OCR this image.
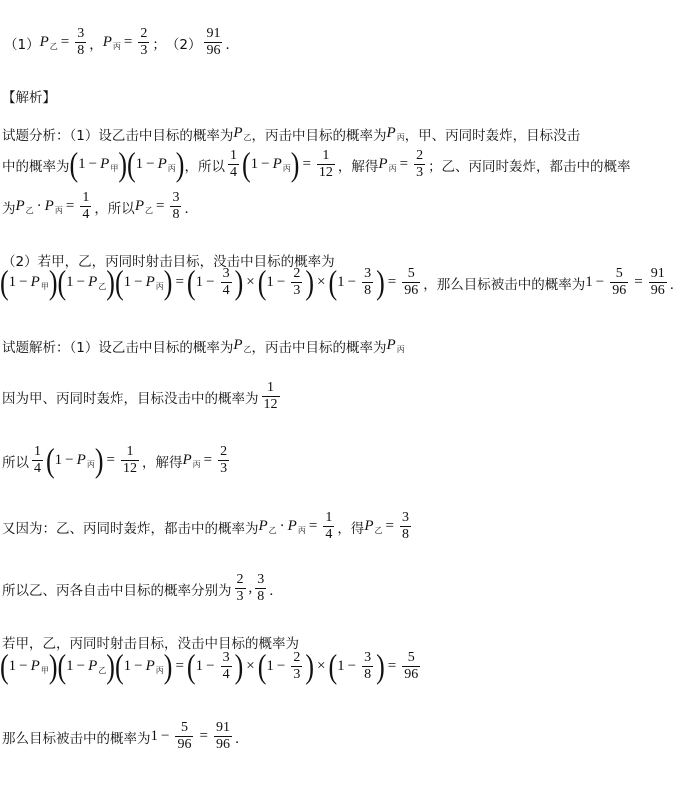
（1） $P_乙 = \frac{3}{8}$ ， $P_丙 = \frac{2}{3}$ ； $(2) \frac{91}{96}$ ．
【解析】
试题分析：（1）设乙击中目标的概率为 $P_乙$ ，丙击中目标的概率为 $P_丙$ ，甲、丙同时轰炸，目标没击
中的概率为 ( $1 - P_甲$ ) ( $1 - P_丙$ ) ，所以 $\frac{1}{4}$ ( $1 - P_丙$ ) = $\frac{1}{12}$ ，解得 $P_丙 = \frac{2}{3}$ ；乙、丙同时轰炸，都击中的概率
为 $P_乙 \cdot P_丙 = \frac{1}{4}$ ，所以 $P_乙 = \frac{3}{8}$ ．
（2）若甲，乙，丙同时射击目标，没击中目标的概率为
( $1 - P_甲$ ) ( $1 - P_乙$ ) ( $1 - P_丙$ ) = ( $1 - \frac{3}{4}$ ) × ( $1 - \frac{2}{3}$ ) × ( $1 - \frac{3}{8}$ ) = $\frac{5}{96}$ ，那么目标被击中的概率为 $1 - \frac{5}{96} = \frac{91}{96}$ ．
试题解析：（1）设乙击中目标的概率为 $P_乙$ ，丙击中目标的概率为 $P_丙$
因为甲、丙同时轰炸，目标没击中的概率为 $\frac{1}{12}$
所以 $\frac{1}{4}$ ( $1 - P_丙$ ) = $\frac{1}{12}$ ，解得 $P_丙 = \frac{2}{3}$
又因为：乙、丙同时轰炸，都击中的概率为 $P_乙 \cdot P_丙 = \frac{1}{4}$ ，得 $P_乙 = \frac{3}{8}$
所以乙、丙各自击中目标的概率分别为 $\frac{2}{3}$ , $\frac{3}{8}$ ．
若甲，乙，丙同时射击目标，没击中目标的概率为
( $1 - P_甲$ ) ( $1 - P_乙$ ) ( $1 - P_丙$ ) = ( $1 - \frac{3}{4}$ ) × ( $1 - \frac{2}{3}$ ) × ( $1 - \frac{3}{8}$ ) = $\frac{5}{96}$
那么目标被击中的概率为 $1 - \frac{5}{96} = \frac{91}{96}$ ．
